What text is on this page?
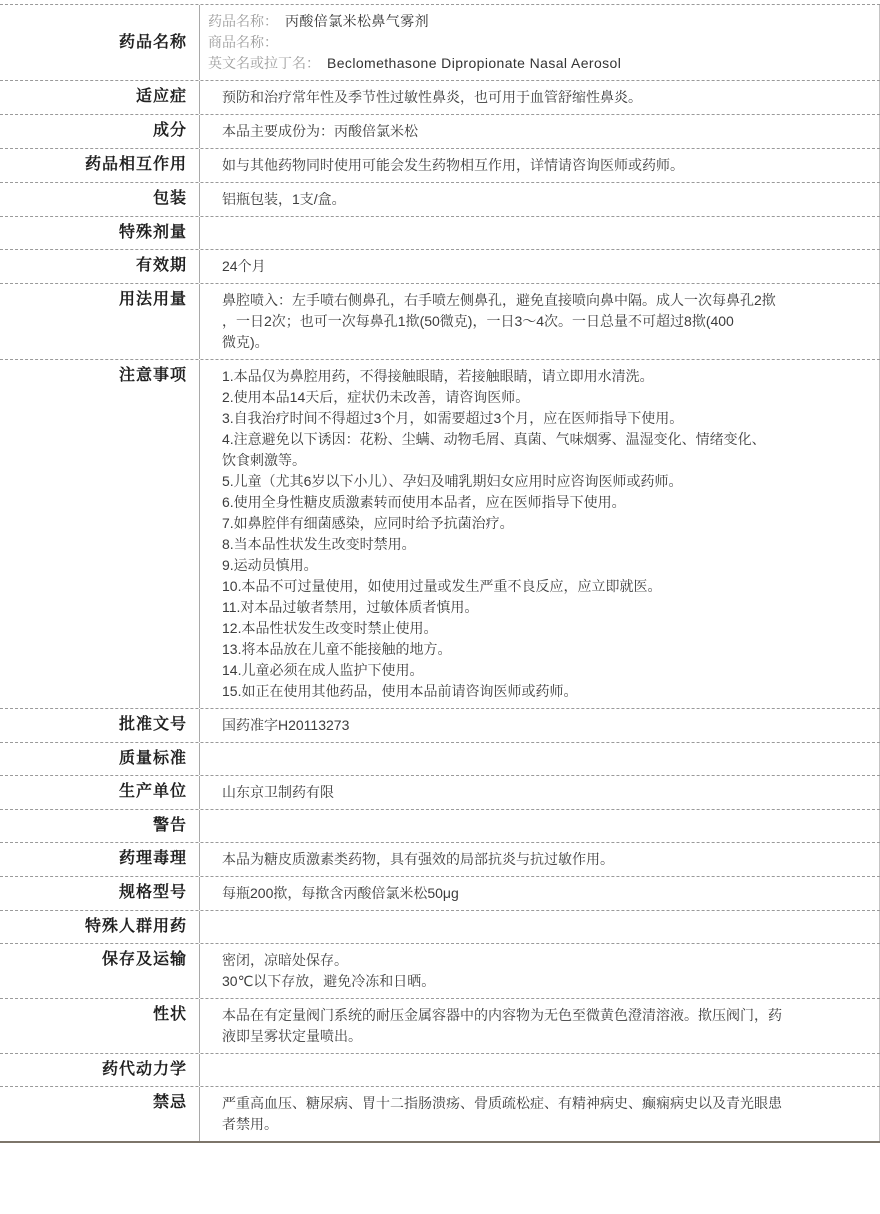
药品名称
药品名称： 丙酸倍氯米松鼻气雾剂
商品名称：
英文名或拉丁名： Beclomethasone Dipropionate Nasal Aerosol
适应症	预防和治疗常年性及季节性过敏性鼻炎，也可用于血管舒缩性鼻炎。
成分	本品主要成份为：丙酸倍氯米松
药品相互作用	如与其他药物同时使用可能会发生药物相互作用，详情请咨询医师或药师。
包装	铝瓶包装，1支/盒。
特殊剂量
有效期	24个月
用法用量	鼻腔喷入：左手喷右侧鼻孔，右手喷左侧鼻孔，避免直接喷向鼻中隔。成人一次每鼻孔2揿
，一日2次；也可一次每鼻孔1揿(50微克)，一日3～4次。一日总量不可超过8揿(400
微克)。
注意事项	1.本品仅为鼻腔用药，不得接触眼睛，若接触眼睛，请立即用水清洗。
2.使用本品14天后，症状仍未改善，请咨询医师。
3.自我治疗时间不得超过3个月，如需要超过3个月，应在医师指导下使用。
4.注意避免以下诱因：花粉、尘螨、动物毛屑、真菌、气味烟雾、温湿变化、情绪变化、
饮食刺激等。
5.儿童（尤其6岁以下小儿）、孕妇及哺乳期妇女应用时应咨询医师或药师。
6.使用全身性糖皮质激素转而使用本品者，应在医师指导下使用。
7.如鼻腔伴有细菌感染，应同时给予抗菌治疗。
8.当本品性状发生改变时禁用。
9.运动员慎用。
10.本品不可过量使用，如使用过量或发生严重不良反应，应立即就医。
11.对本品过敏者禁用，过敏体质者慎用。
12.本品性状发生改变时禁止使用。
13.将本品放在儿童不能接触的地方。
14.儿童必须在成人监护下使用。
15.如正在使用其他药品，使用本品前请咨询医师或药师。
批准文号	国药准字H20113273
质量标准
生产单位	山东京卫制药有限
警告
药理毒理	本品为糖皮质激素类药物，具有强效的局部抗炎与抗过敏作用。
规格型号	每瓶200揿，每揿含丙酸倍氯米松50μg
特殊人群用药
保存及运输	密闭，凉暗处保存。
30℃以下存放，避免冷冻和日晒。
性状	本品在有定量阀门系统的耐压金属容器中的内容物为无色至微黄色澄清溶液。揿压阀门，药
液即呈雾状定量喷出。
药代动力学
禁忌	严重高血压、糖尿病、胃十二指肠溃疡、骨质疏松症、有精神病史、癫痫病史以及青光眼患
者禁用。
